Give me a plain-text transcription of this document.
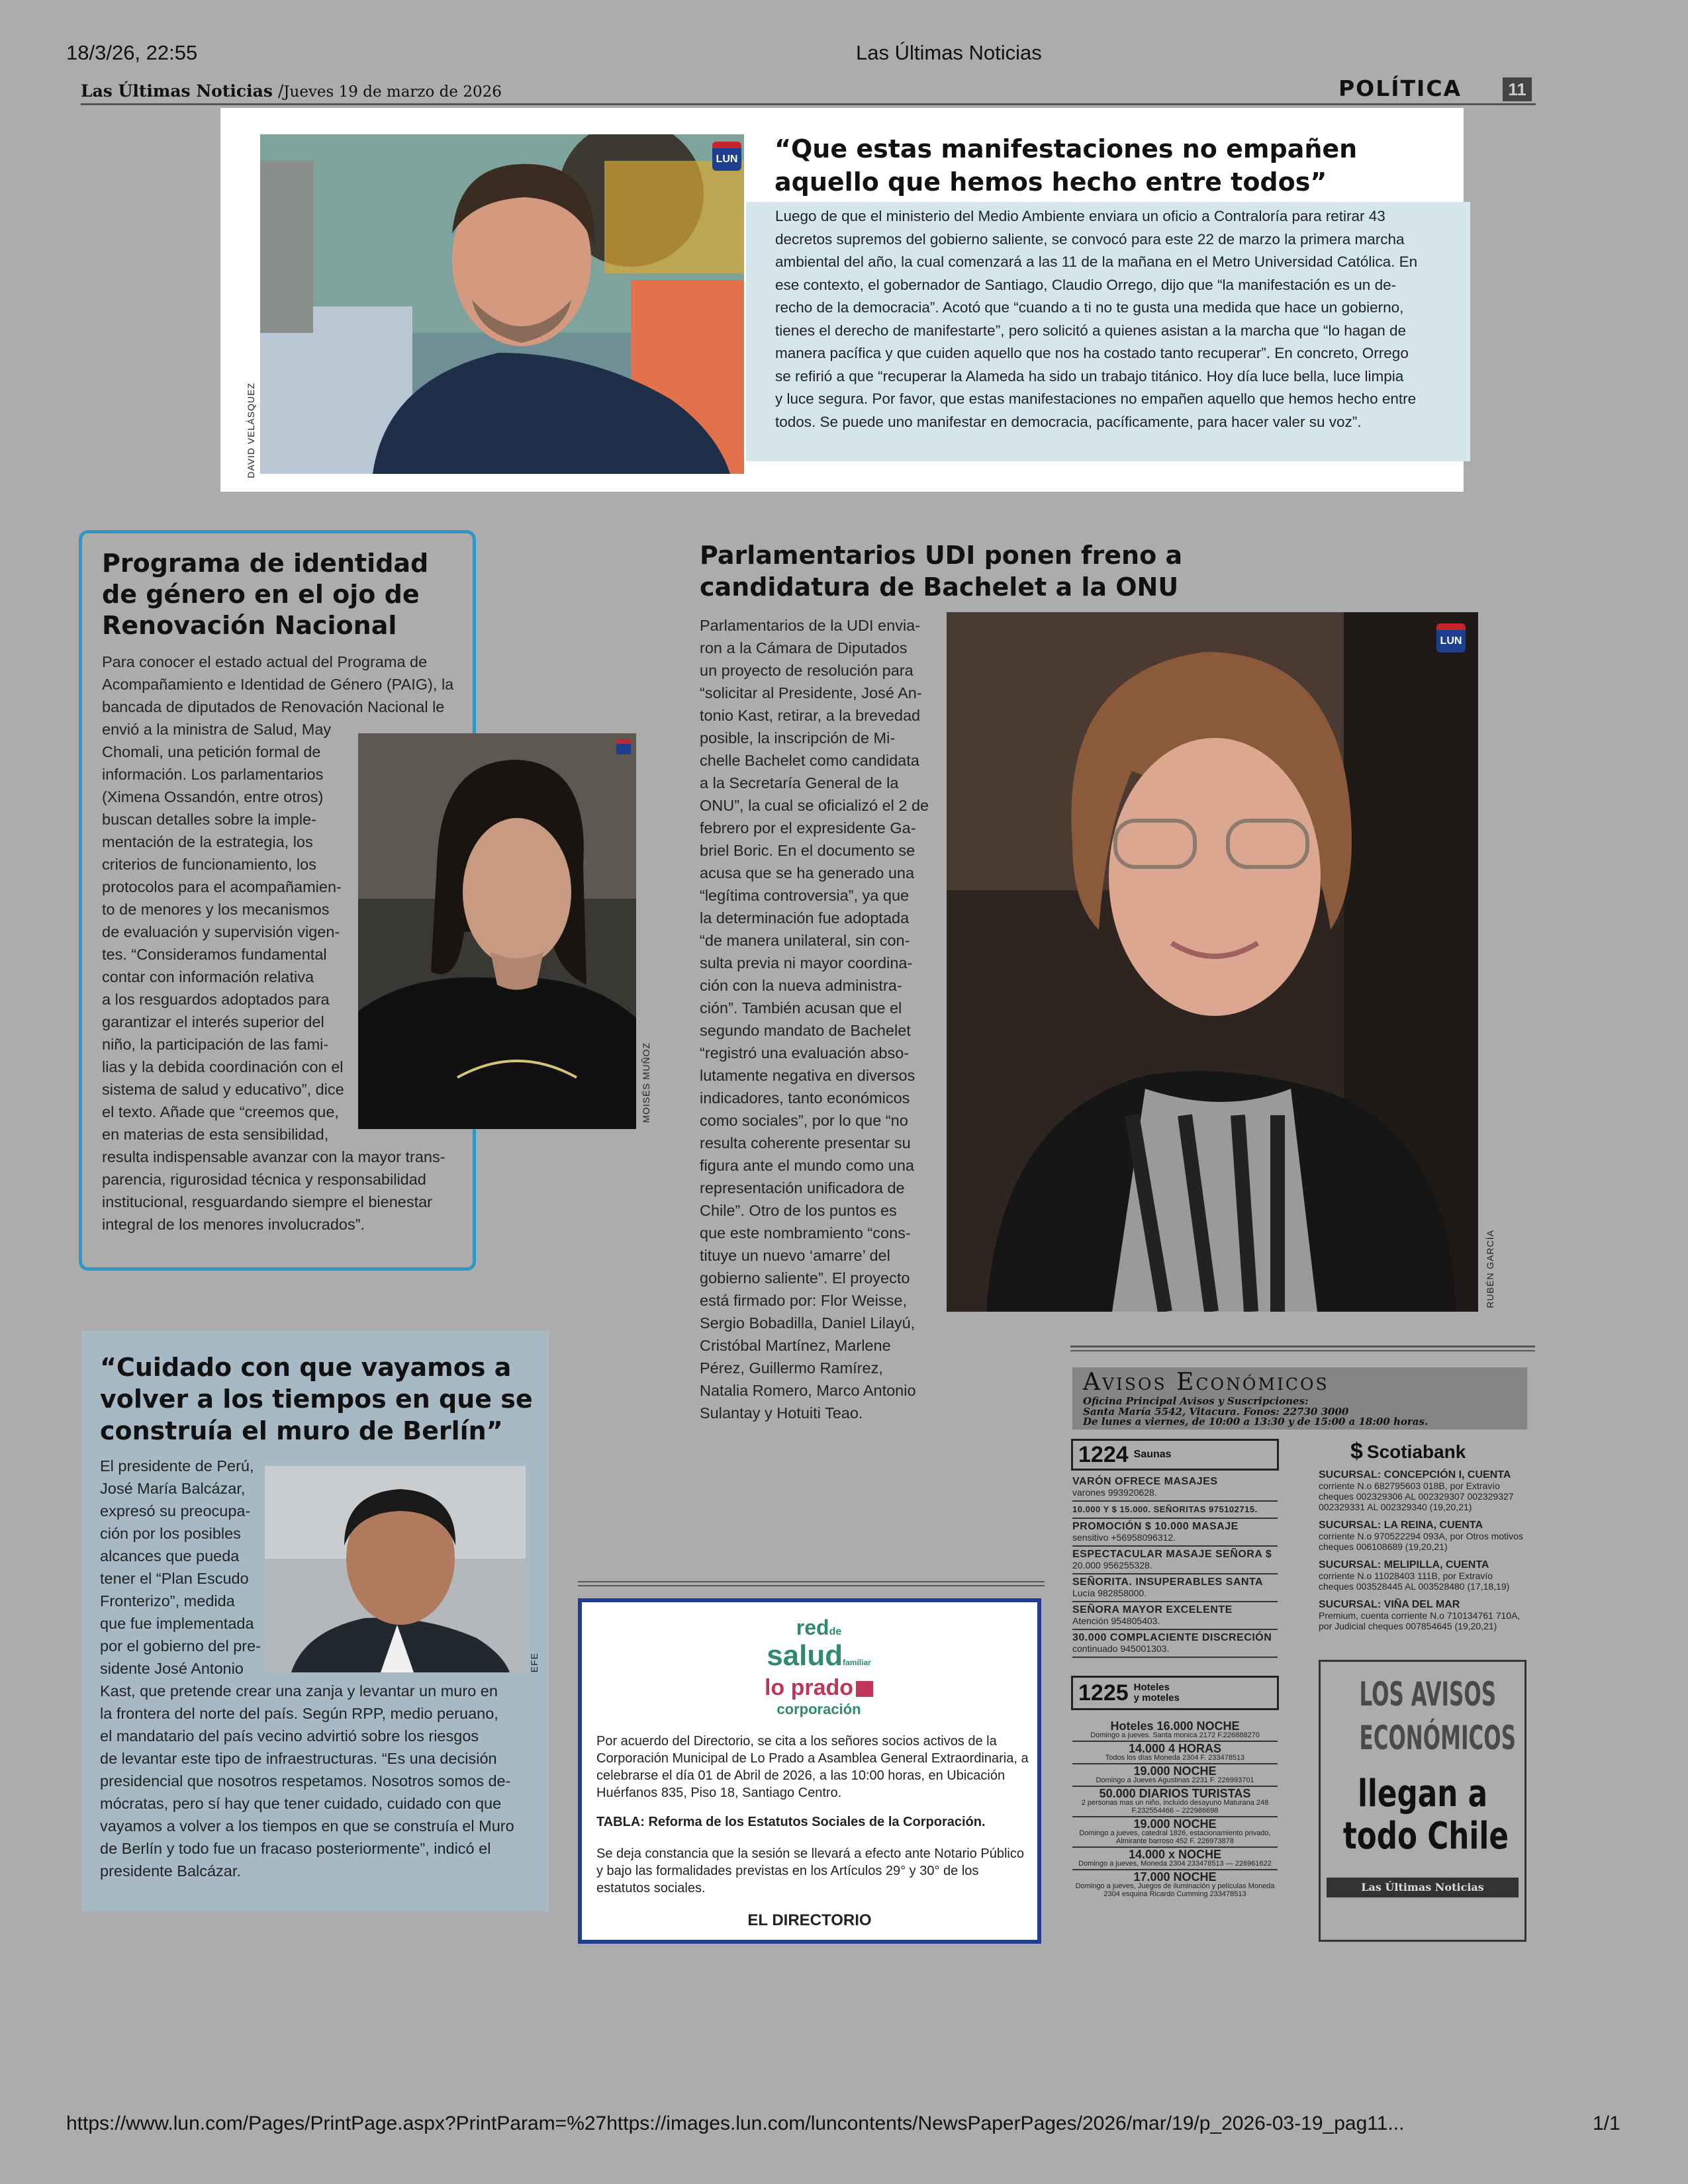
18/3/26, 22:55	Las Últimas Noticias
https://www.lun.com/Pages/PrintPage.aspx?PrintParam=%27https://images.lun.com/luncontents/NewsPaperPages/2026/mar/19/p_2026-03-19_pag11...	1/1
Las Últimas Noticias /Jueves 19 de marzo de 2026	POLÍTICA	11
LUN
DAVID VELÁSQUEZ
“Que estas manifestaciones no empañen
aquello que hemos hecho entre todos”
Luego de que el ministerio del Medio Ambiente enviara un oficio a Contraloría para retirar 43
decretos supremos del gobierno saliente, se convocó para este 22 de marzo la primera marcha
ambiental del año, la cual comenzará a las 11 de la mañana en el Metro Universidad Católica. En
ese contexto, el gobernador de Santiago, Claudio Orrego, dijo que “la manifestación es un de-
recho de la democracia”. Acotó que “cuando a ti no te gusta una medida que hace un gobierno,
tienes el derecho de manifestarte”, pero solicitó a quienes asistan a la marcha que “lo hagan de
manera pacífica y que cuiden aquello que nos ha costado tanto recuperar”. En concreto, Orrego
se refirió a que “recuperar la Alameda ha sido un trabajo titánico. Hoy día luce bella, luce limpia
y luce segura. Por favor, que estas manifestaciones no empañen aquello que hemos hecho entre
todos. Se puede uno manifestar en democracia, pacíficamente, para hacer valer su voz”.
Programa de identidad
de género en el ojo de
Renovación Nacional
Para conocer el estado actual del Programa de
Acompañamiento e Identidad de Género (PAIG), la
bancada de diputados de Renovación Nacional le
envió a la ministra de Salud, May
Chomali, una petición formal de
información. Los parlamentarios
(Ximena Ossandón, entre otros)
buscan detalles sobre la imple-
mentación de la estrategia, los
criterios de funcionamiento, los
protocolos para el acompañamien-
to de menores y los mecanismos
de evaluación y supervisión vigen-
tes. “Consideramos fundamental
contar con información relativa
a los resguardos adoptados para
garantizar el interés superior del
niño, la participación de las fami-
lias y la debida coordinación con el
sistema de salud y educativo”, dice
el texto. Añade que “creemos que,
en materias de esta sensibilidad,
resulta indispensable avanzar con la mayor trans-
parencia, rigurosidad técnica y responsabilidad
institucional, resguardando siempre el bienestar
integral de los menores involucrados”.
MOISÉS MUÑOZ
Parlamentarios UDI ponen freno a
candidatura de Bachelet a la ONU
Parlamentarios de la UDI envia-
ron a la Cámara de Diputados
un proyecto de resolución para
“solicitar al Presidente, José An-
tonio Kast, retirar, a la brevedad
posible, la inscripción de Mi-
chelle Bachelet como candidata
a la Secretaría General de la
ONU”, la cual se oficializó el 2 de
febrero por el expresidente Ga-
briel Boric. En el documento se
acusa que se ha generado una
“legítima controversia”, ya que
la determinación fue adoptada
“de manera unilateral, sin con-
sulta previa ni mayor coordina-
ción con la nueva administra-
ción”. También acusan que el
segundo mandato de Bachelet
“registró una evaluación abso-
lutamente negativa en diversos
indicadores, tanto económicos
como sociales”, por lo que “no
resulta coherente presentar su
figura ante el mundo como una
representación unificadora de
Chile”. Otro de los puntos es
que este nombramiento “cons-
tituye un nuevo ‘amarre’ del
gobierno saliente”. El proyecto
está firmado por: Flor Weisse,
Sergio Bobadilla, Daniel Lilayú,
Cristóbal Martínez, Marlene
Pérez, Guillermo Ramírez,
Natalia Romero, Marco Antonio
Sulantay y Hotuiti Teao.
LUN
RUBÉN GARCÍA
“Cuidado con que vayamos a
volver a los tiempos en que se
construía el muro de Berlín”
El presidente de Perú,
José María Balcázar,
expresó su preocupa-
ción por los posibles
alcances que pueda
tener el “Plan Escudo
Fronterizo”, medida
que fue implementada
por el gobierno del pre-
sidente José Antonio
Kast, que pretende crear una zanja y levantar un muro en
la frontera del norte del país. Según RPP, medio peruano,
el mandatario del país vecino advirtió sobre los riesgos
de levantar este tipo de infraestructuras. “Es una decisión
presidencial que nosotros respetamos. Nosotros somos de-
mócratas, pero sí hay que tener cuidado, cuidado con que
vayamos a volver a los tiempos en que se construía el Muro
de Berlín y todo fue un fracaso posteriormente”, indicó el
presidente Balcázar.
EFE
redde
saludfamiliar
lo prado
corporación
Por acuerdo del Directorio, se cita a los señores socios activos de la
Corporación Municipal de Lo Prado a Asamblea General Extraordinaria, a
celebrarse el día 01 de Abril de 2026, a las 10:00 horas, en Ubicación
Huérfanos 835, Piso 18, Santiago Centro.
TABLA: Reforma de los Estatutos Sociales de la Corporación.
Se deja constancia que la sesión se llevará a efecto ante Notario Público
y bajo las formalidades previstas en los Artículos 29° y 30° de los
estatutos sociales.
EL DIRECTORIO
Avisos Económicos
Oficina Principal Avisos y Suscripciones:
Santa María 5542, Vitacura. Fonos: 22730 3000
De lunes a viernes, de 10:00 a 13:30 y de 15:00 a 18:00 horas.
1224 Saunas
VARÓN OFRECE MASAJES
varones 993920628.
10.000 Y $ 15.000. SEÑORITAS 975102715.
PROMOCIÓN $ 10.000 MASAJE
sensitivo +56958096312.
ESPECTACULAR MASAJE SEÑORA $
20.000 956255328.
SEÑORITA. INSUPERABLES SANTA
Lucía 982858000.
SEÑORA MAYOR EXCELENTE
Atención 954805403.
30.000 COMPLACIENTE DISCRECIÓN
continuado 945001303.
1225 Hoteles
y moteles
Hoteles 16.000 NOCHE
Domingo a jueves. Santa monica 2172 F.226888270
14.000 4 HORAS
Todos los días Moneda 2304 F. 233478513
19.000 NOCHE
Domingo a Jueves Agustinas 2231 F. 226993701
50.000 DIARIOS TURISTAS
2 personas mas un niño, incluido desayuno Maturana 248 F.232554466 – 222986698
19.000 NOCHE
Domingo a jueves, catedral 1826, estacionamiento privado, Almirante barroso 452 F. 226973878
14.000 x NOCHE
Domingo a jueves, Moneda 2304 233478513 — 226961622
17.000 NOCHE
Domingo a jueves, Juegos de iluminación y películas Moneda 2304 esquina Ricardo Cumming 233478513
$ Scotiabank
SUCURSAL: CONCEPCIÓN I, CUENTA
corriente N.o 682795603 018B, por Extravío cheques 002329306 AL 002329307 002329327 002329331 AL 002329340 (19,20,21)
SUCURSAL: LA REINA, CUENTA
corriente N.o 970522294 093A, por Otros motivos cheques 006108689 (19,20,21)
SUCURSAL: MELIPILLA, CUENTA
corriente N.o 11028403 111B, por Extravío cheques 003528445 AL 003528480 (17,18,19)
SUCURSAL: VIÑA DEL MAR
Premium, cuenta corriente N.o 710134761 710A, por Judicial cheques 007854645 (19,20,21)
LOS AVISOS
ECONÓMICOS
llegan a
todo Chile
Las Últimas Noticias
